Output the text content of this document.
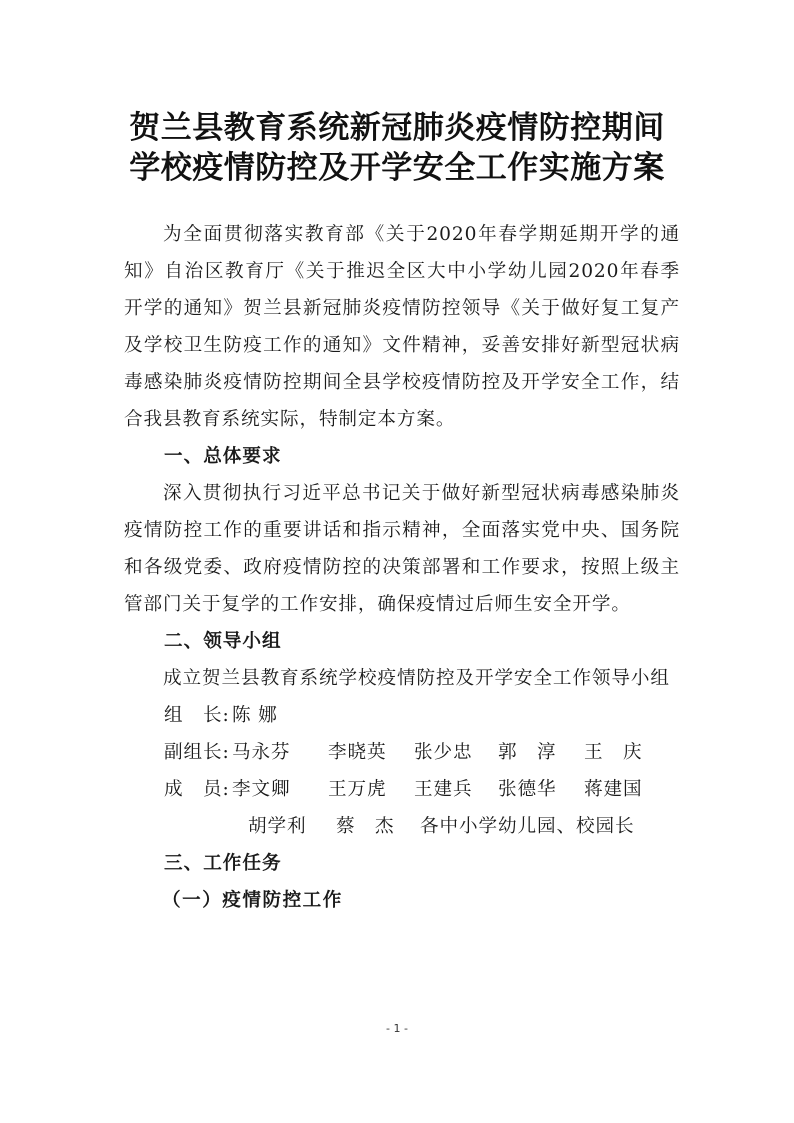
贺兰县教育系统新冠肺炎疫情防控期间
学校疫情防控及开学安全工作实施方案

为全面贯彻落实教育部《关于2020年春学期延期开学的通知》自治区教育厅《关于推迟全区大中小学幼儿园2020年春季开学的通知》贺兰县新冠肺炎疫情防控领导《关于做好复工复产及学校卫生防疫工作的通知》文件精神，妥善安排好新型冠状病毒感染肺炎疫情防控期间全县学校疫情防控及开学安全工作，结合我县教育系统实际，特制定本方案。

一、总体要求

深入贯彻执行习近平总书记关于做好新型冠状病毒感染肺炎疫情防控工作的重要讲话和指示精神，全面落实党中央、国务院和各级党委、政府疫情防控的决策部署和工作要求，按照上级主管部门关于复学的工作安排，确保疫情过后师生安全开学。

二、领导小组

成立贺兰县教育系统学校疫情防控及开学安全工作领导小组

组　长: 陈 娜
副组长: 马永芬 李晓英 张少忠 郭　淳 王　庆
成　员: 李文卿 王万虎 王建兵 张德华 蒋建国
胡学利 蔡　杰 各中小学幼儿园、校园长

三、工作任务

（一）疫情防控工作

- 1 -
